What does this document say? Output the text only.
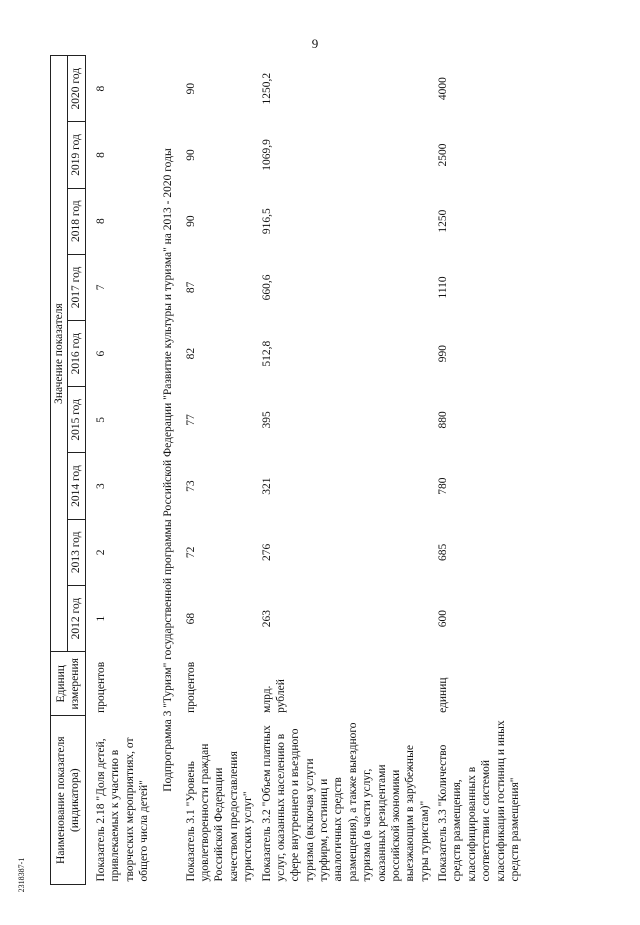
9
Наименование показателя (индикатора)	Единиц измерения	Значение показателя								
		2012 год	2013 год	2014 год	2015 год	2016 год	2017 год	2018 год	2019 год	2020 год
Показатель 2.18 "Доля детей, привлекаемых к участию в творческих мероприятиях, от общего числа детей"	процентов	1	2	3	5	6	7	8	8	8
Подпрограмма 3 "Туризм" государственной программы Российской Федерации "Развитие культуры и туризма" на 2013 - 2020 годы										
Показатель 3.1 "Уровень удовлетворенности граждан Российской Федерации качеством предоставления туристских услуг"	процентов	68	72	73	77	82	87	90	90	90
Показатель 3.2 "Объем платных услуг, оказанных населению в сфере внутреннего и въездного туризма (включая услуги турфирм, гостиниц и аналогичных средств размещения), а также выездного туризма (в части услуг, оказанных резидентами российской экономики выезжающим в зарубежные туры туристам)"	млрд. рублей	263	276	321	395	512,8	660,6	916,5	1069,9	1250,2
Показатель 3.3 "Количество средств размещения, классифицированных в соответствии с системой классификации гостиниц и иных средств размещения"	единиц	600	685	780	880	990	1110	1250	2500	4000
2318387-1
